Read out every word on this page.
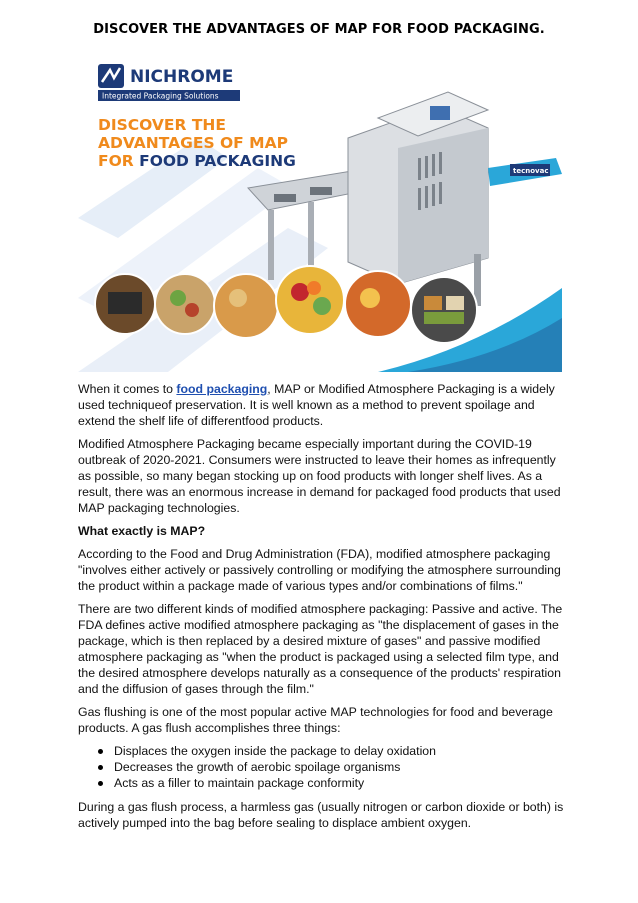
DISCOVER THE ADVANTAGES OF MAP FOR FOOD PACKAGING.
NICHROME
Integrated Packaging Solutions
DISCOVER THE
ADVANTAGES OF MAP
FOR FOOD PACKAGING
tecnovac

When it comes to food packaging, MAP or Modified Atmosphere Packaging is a widely used techniqueof preservation. It is well known as a method to prevent spoilage and extend the shelf life of differentfood products.

Modified Atmosphere Packaging became especially important during the COVID-19 outbreak of 2020-2021. Consumers were instructed to leave their homes as infrequently as possible, so many began stocking up on food products with longer shelf lives. As a result, there was an enormous increase in demand for packaged food products that used MAP packaging technologies.

What exactly is MAP?

According to the Food and Drug Administration (FDA), modified atmosphere packaging "involves either actively or passively controlling or modifying the atmosphere surrounding the product within a package made of various types and/or combinations of films."

There are two different kinds of modified atmosphere packaging: Passive and active. The FDA defines active modified atmosphere packaging as "the displacement of gases in the package, which is then replaced by a desired mixture of gases" and passive modified atmosphere packaging as "when the product is packaged using a selected film type, and the desired atmosphere develops naturally as a consequence of the products' respiration and the diffusion of gases through the film."

Gas flushing is one of the most popular active MAP technologies for food and beverage products. A gas flush accomplishes three things:

Displaces the oxygen inside the package to delay oxidation
Decreases the growth of aerobic spoilage organisms
Acts as a filler to maintain package conformity

During a gas flush process, a harmless gas (usually nitrogen or carbon dioxide or both) is actively pumped into the bag before sealing to displace ambient oxygen.
